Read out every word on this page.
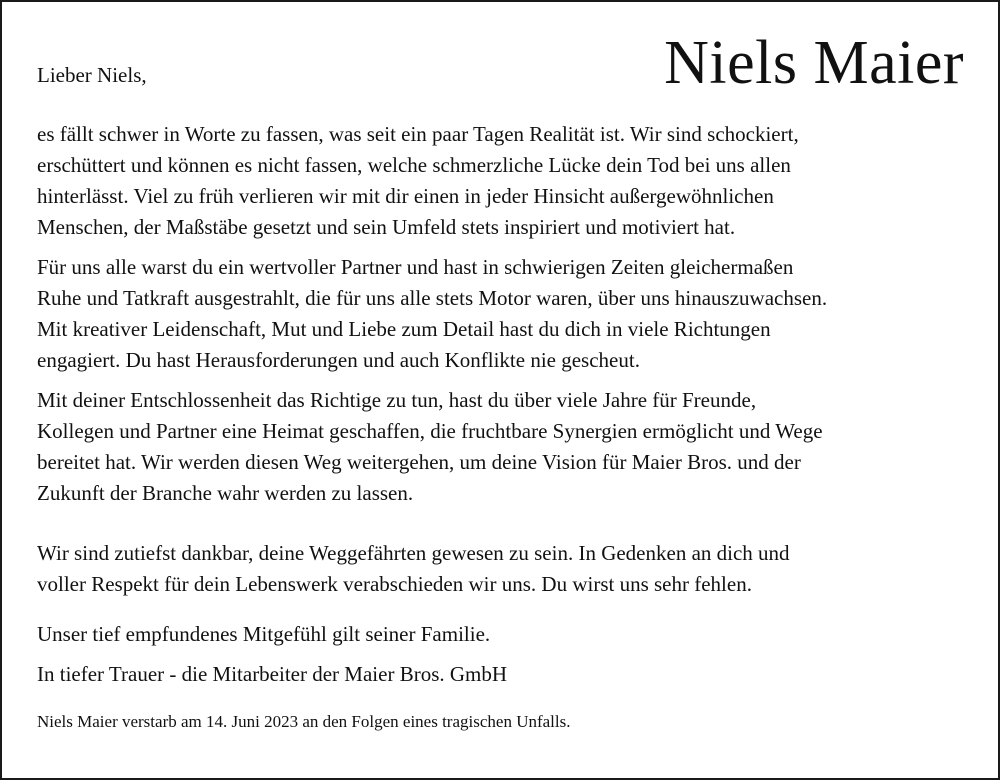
Lieber Niels,	Niels Maier

es fällt schwer in Worte zu fassen, was seit ein paar Tagen Realität ist. Wir sind schockiert,
erschüttert und können es nicht fassen, welche schmerzliche Lücke dein Tod bei uns allen
hinterlässt. Viel zu früh verlieren wir mit dir einen in jeder Hinsicht außergewöhnlichen
Menschen, der Maßstäbe gesetzt und sein Umfeld stets inspiriert und motiviert hat.

Für uns alle warst du ein wertvoller Partner und hast in schwierigen Zeiten gleichermaßen
Ruhe und Tatkraft ausgestrahlt, die für uns alle stets Motor waren, über uns hinauszuwachsen.
Mit kreativer Leidenschaft, Mut und Liebe zum Detail hast du dich in viele Richtungen
engagiert. Du hast Herausforderungen und auch Konflikte nie gescheut.

Mit deiner Entschlossenheit das Richtige zu tun, hast du über viele Jahre für Freunde,
Kollegen und Partner eine Heimat geschaffen, die fruchtbare Synergien ermöglicht und Wege
bereitet hat. Wir werden diesen Weg weitergehen, um deine Vision für Maier Bros. und der
Zukunft der Branche wahr werden zu lassen.

Wir sind zutiefst dankbar, deine Weggefährten gewesen zu sein. In Gedenken an dich und
voller Respekt für dein Lebenswerk verabschieden wir uns. Du wirst uns sehr fehlen.

Unser tief empfundenes Mitgefühl gilt seiner Familie.

In tiefer Trauer - die Mitarbeiter der Maier Bros. GmbH

Niels Maier verstarb am 14. Juni 2023 an den Folgen eines tragischen Unfalls.
